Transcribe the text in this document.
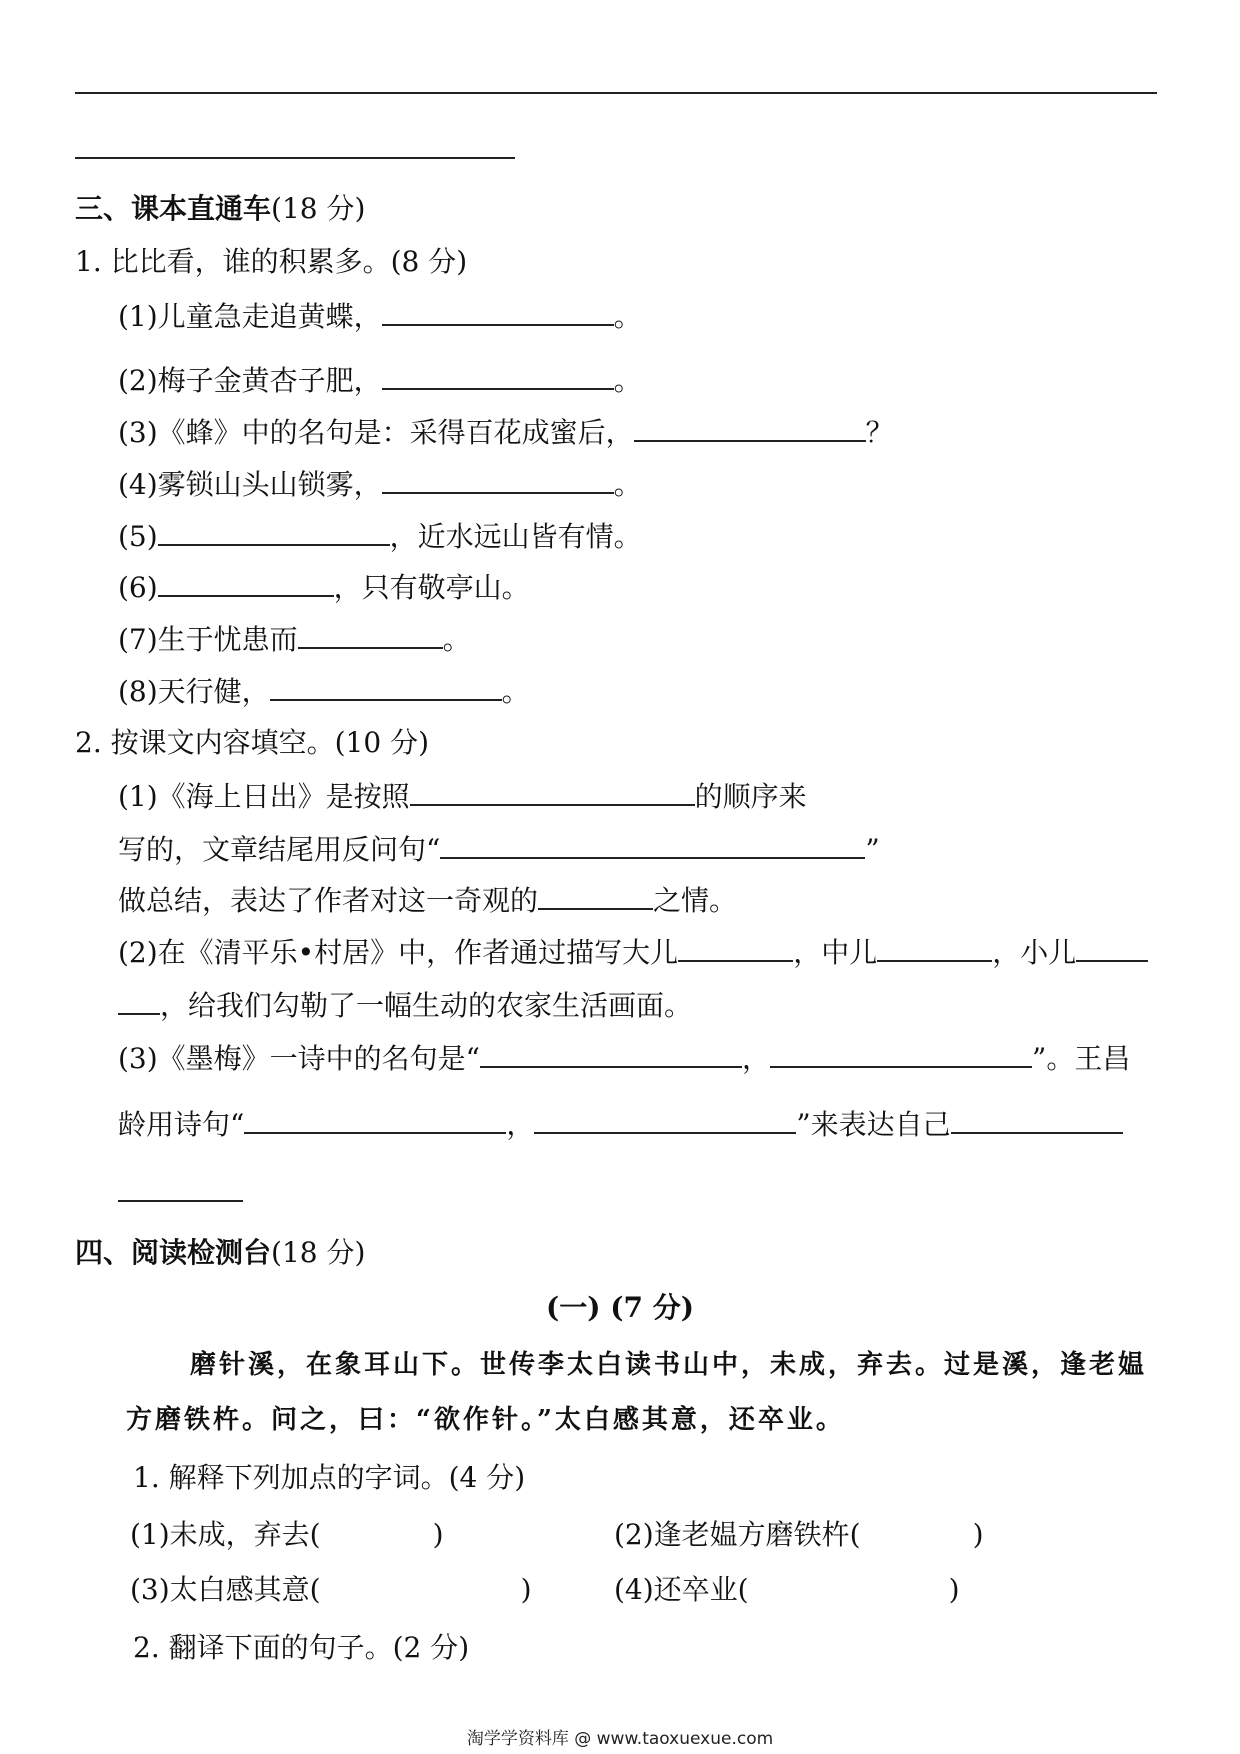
三、课本直通车(18 分)
1. 比比看，谁的积累多。(8 分)
(1)儿童急走追黄蝶，	。
(2)梅子金黄杏子肥，	。
(3)《蜂》中的名句是：采得百花成蜜后，	？
(4)雾锁山头山锁雾，	。
(5)	，近水远山皆有情。
(6)	，只有敬亭山。
(7)生于忧患而	。
(8)天行健，	。
2. 按课文内容填空。(10 分)
(1)《海上日出》是按照	的顺序来
写的，文章结尾用反问句“	”
做总结，表达了作者对这一奇观的	之情。
(2)在《清平乐•村居》中，作者通过描写大儿	，中儿	，小儿
，给我们勾勒了一幅生动的农家生活画面。
(3)《墨梅》一诗中的名句是“	，	”。王昌
龄用诗句“	，	”来表达自己
四、阅读检测台(18 分)
(一) (7 分)
磨针溪，在象耳山下。世传李太白读书山中，未成，弃去。过是溪，逢老媪
方磨铁杵。问之，曰：“欲作针。”太白感其意，还卒业。
1. 解释下列加点的字词。(4 分)
(1)未成，弃去(	)	(2)逢老媪方磨铁杵(	)
(3)太白感其意(	)	(4)还卒业(	)
2. 翻译下面的句子。(2 分)
淘学学资料库 @ www.taoxuexue.com
